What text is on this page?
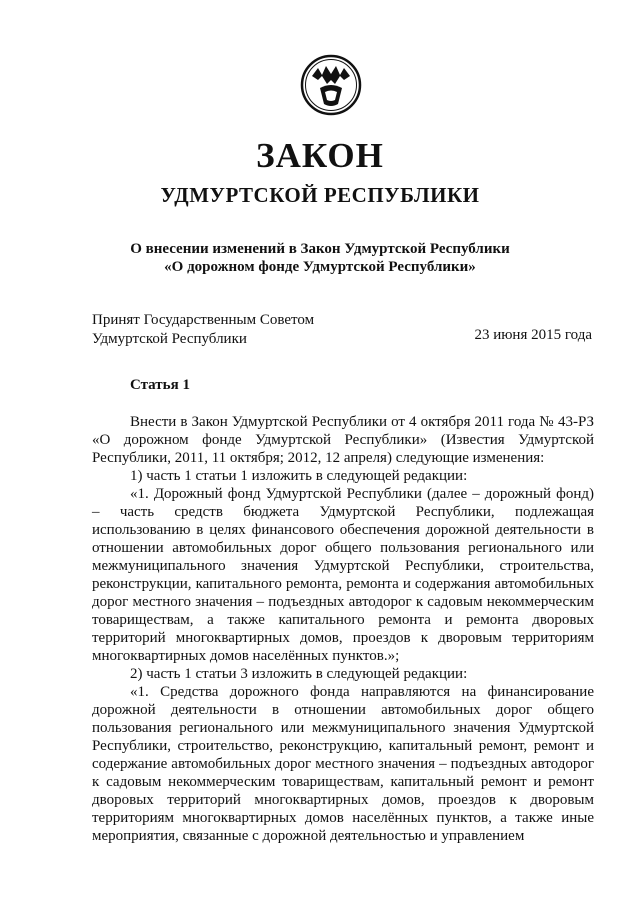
ЗАКОН
УДМУРТСКОЙ РЕСПУБЛИКИ
О внесении изменений в Закон Удмуртской Республики
«О дорожном фонде Удмуртской Республики»
Принят Государственным Советом
Удмуртской Республики	23 июня 2015 года
Статья 1

Внести в Закон Удмуртской Республики от 4 октября 2011 года № 43-РЗ «О дорожном фонде Удмуртской Республики» (Известия Удмуртской Республики, 2011, 11 октября; 2012, 12 апреля) следующие изменения:

1) часть 1 статьи 1 изложить в следующей редакции:

«1. Дорожный фонд Удмуртской Республики (далее – дорожный фонд) – часть средств бюджета Удмуртской Республики, подлежащая использованию в целях финансового обеспечения дорожной деятельности в отношении автомобильных дорог общего пользования регионального или межмуниципального значения Удмуртской Республики, строительства, реконструкции, капитального ремонта, ремонта и содержания автомобильных дорог местного значения – подъездных автодорог к садовым некоммерческим товариществам, а также капитального ремонта и ремонта дворовых территорий многоквартирных домов, проездов к дворовым территориям многоквартирных домов населённых пунктов.»;

2) часть 1 статьи 3 изложить в следующей редакции:

«1. Средства дорожного фонда направляются на финансирование дорожной деятельности в отношении автомобильных дорог общего пользования регионального или межмуниципального значения Удмуртской Республики, строительство, реконструкцию, капитальный ремонт, ремонт и содержание автомобильных дорог местного значения – подъездных автодорог к садовым некоммерческим товариществам, капитальный ремонт и ремонт дворовых территорий многоквартирных домов, проездов к дворовым территориям многоквартирных домов населённых пунктов, а также иные мероприятия, связанные с дорожной деятельностью и управлением
